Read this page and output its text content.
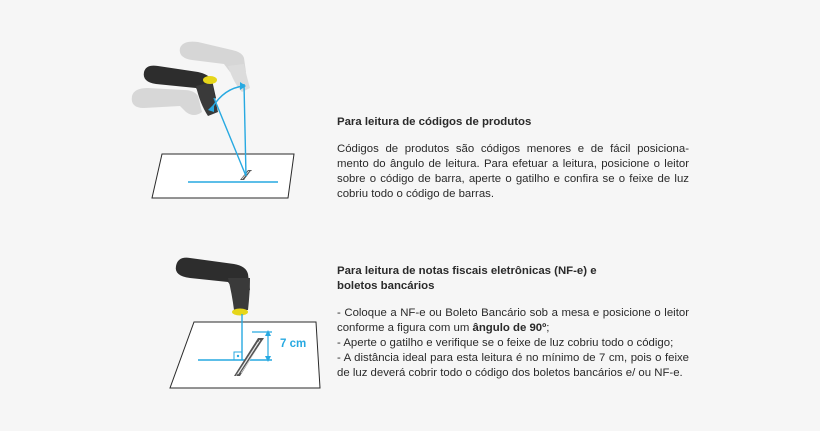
Para leitura de códigos de produtos

Códigos de produtos são códigos menores e de fácil posiciona-mento do ângulo de leitura. Para efetuar a leitura, posicione o leitor sobre o código de barra, aperte o gatilho e confira se o feixe de luz cobriu todo o código de barras.

7 cm

Para leitura de notas fiscais eletrônicas (NF-e) e
boletos bancários

- Coloque a NF-e ou Boleto Bancário sob a mesa e posicione o leitor conforme a figura com um ângulo de 90º;
- Aperte o gatilho e verifique se o feixe de luz cobriu todo o código;
- A distância ideal para esta leitura é no mínimo de 7 cm, pois o feixe de luz deverá cobrir todo o código dos boletos bancários e/ ou NF-e.
